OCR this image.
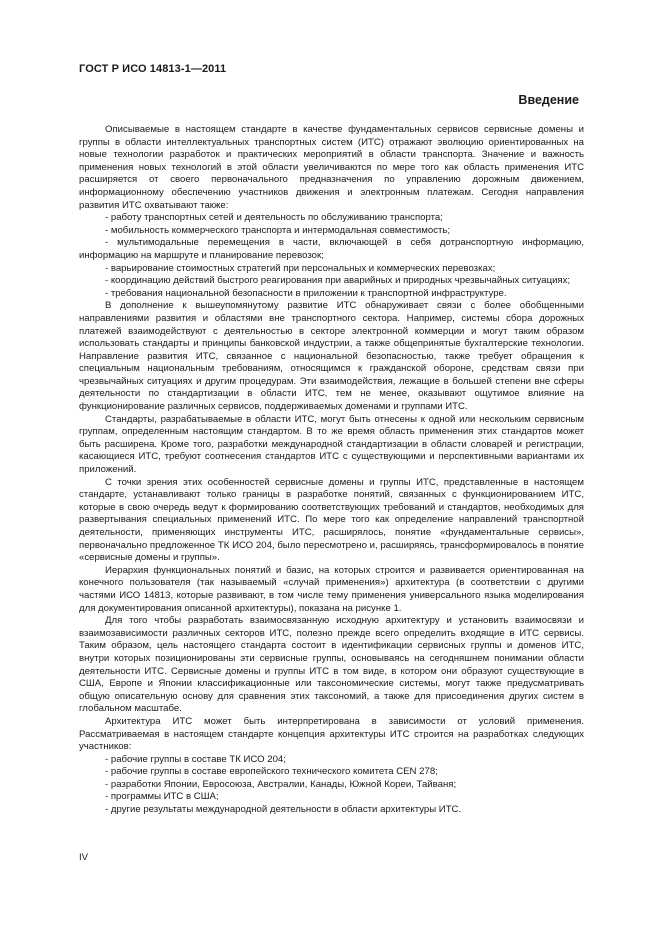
ГОСТ Р ИСО 14813-1—2011
Введение

Описываемые в настоящем стандарте в качестве фундаментальных сервисов сервисные домены и группы в области интеллектуальных транспортных систем (ИТС) отражают эволюцию ориентированных на новые технологии разработок и практических мероприятий в области транспорта. Значение и важность применения новых технологий в этой области увеличиваются по мере того как область применения ИТС расширяется от своего первоначального предназначения по управлению дорожным движением, информационному обеспечению участников движения и электронным платежам. Сегодня направления развития ИТС охватывают также:

- работу транспортных сетей и деятельность по обслуживанию транспорта;
- мобильность коммерческого транспорта и интермодальная совместимость;
- мультимодальные перемещения в части, включающей в себя дотранспортную информацию, информацию на маршруте и планирование перевозок;
- варьирование стоимостных стратегий при персональных и коммерческих перевозках;
- координацию действий быстрого реагирования при аварийных и природных чрезвычайных ситуациях;
- требования национальной безопасности в приложении к транспортной инфраструктуре.

В дополнение к вышеупомянутому развитие ИТС обнаруживает связи с более обобщенными направлениями развития и областями вне транспортного сектора. Например, системы сбора дорожных платежей взаимодействуют с деятельностью в секторе электронной коммерции и могут таким образом использовать стандарты и принципы банковской индустрии, а также общепринятые бухгалтерские технологии. Направление развития ИТС, связанное с национальной безопасностью, также требует обращения к специальным национальным требованиям, относящимся к гражданской обороне, средствам связи при чрезвычайных ситуациях и другим процедурам. Эти взаимодействия, лежащие в большей степени вне сферы деятельности по стандартизации в области ИТС, тем не менее, оказывают ощутимое влияние на функционирование различных сервисов, поддерживаемых доменами и группами ИТС.

Стандарты, разрабатываемые в области ИТС, могут быть отнесены к одной или нескольким сервисным группам, определенным настоящим стандартом. В то же время область применения этих стандартов может быть расширена. Кроме того, разработки международной стандартизации в области словарей и регистрации, касающиеся ИТС, требуют соотнесения стандартов ИТС с существующими и перспективными вариантами их приложений.

С точки зрения этих особенностей сервисные домены и группы ИТС, представленные в настоящем стандарте, устанавливают только границы в разработке понятий, связанных с функционированием ИТС, которые в свою очередь ведут к формированию соответствующих требований и стандартов, необходимых для развертывания специальных применений ИТС. По мере того как определение направлений транспортной деятельности, применяющих инструменты ИТС, расширялось, понятие «фундаментальные сервисы», первоначально предложенное ТК ИСО 204, было пересмотрено и, расширяясь, трансформировалось в понятие «сервисные домены и группы».

Иерархия функциональных понятий и базис, на которых строится и развивается ориентированная на конечного пользователя (так называемый «случай применения») архитектура (в соответствии с другими частями ИСО 14813, которые развивают, в том числе тему применения универсального языка моделирования для документирования описанной архитектуры), показана на рисунке 1.

Для того чтобы разработать взаимосвязанную исходную архитектуру и установить взаимосвязи и взаимозависимости различных секторов ИТС, полезно прежде всего определить входящие в ИТС сервисы. Таким образом, цель настоящего стандарта состоит в идентификации сервисных группы и доменов ИТС, внутри которых позиционированы эти сервисные группы, основываясь на сегодняшнем понимании области деятельности ИТС. Сервисные домены и группы ИТС в том виде, в котором они образуют существующие в США, Европе и Японии классификационные или таксономические системы, могут также предусматривать общую описательную основу для сравнения этих таксономий, а также для присоединения других систем в глобальном масштабе.

Архитектура ИТС может быть интерпретирована в зависимости от условий применения. Рассматриваемая в настоящем стандарте концепция архитектуры ИТС строится на разработках следующих участников:

- рабочие группы в составе ТК ИСО 204;
- рабочие группы в составе европейского технического комитета CEN 278;
- разработки Японии, Евросоюза, Австралии, Канады, Южной Кореи, Тайваня;
- программы ИТС в США;
- другие результаты международной деятельности в области архитектуры ИТС.
IV
